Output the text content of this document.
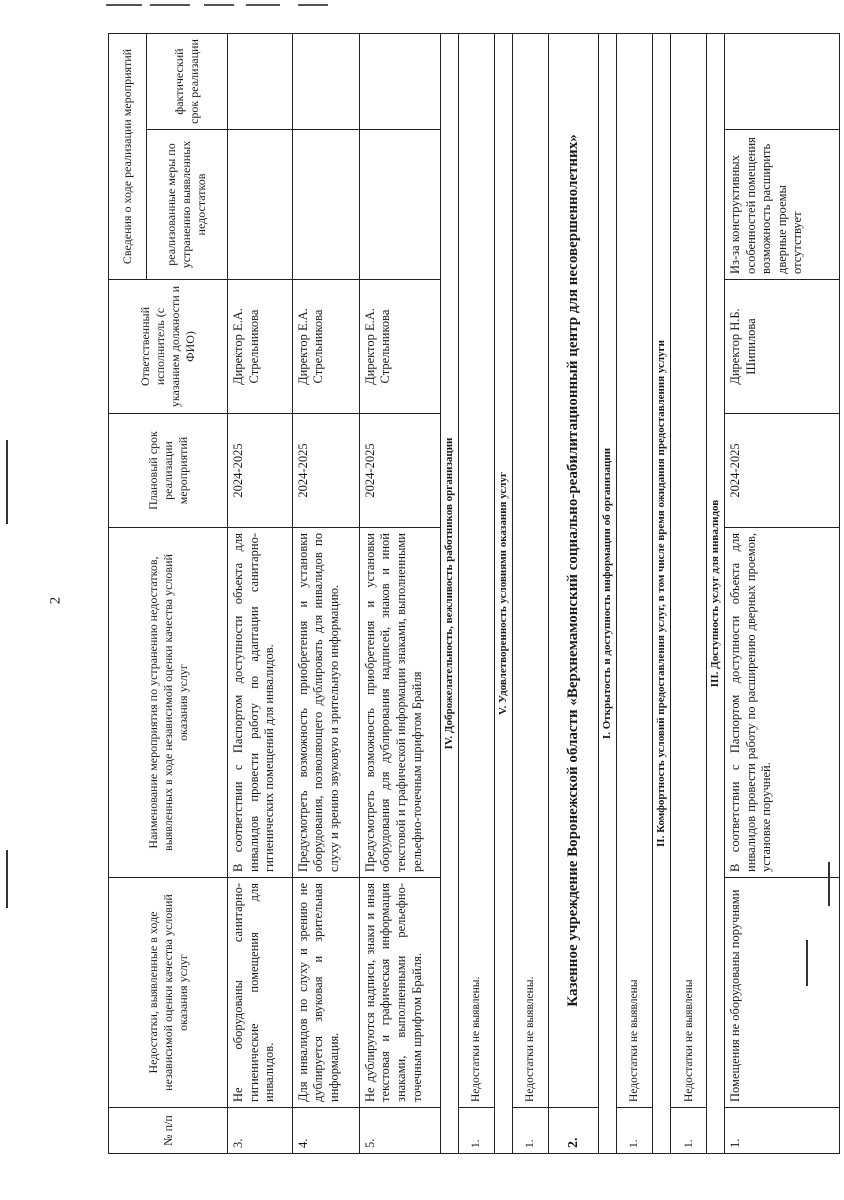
2
№ п/п	Недостатки, выявленные в ходе независимой оценки качества условий оказания услуг	Наименование мероприятия по устранению недостатков, выявленных в ходе независимой оценки качества условий оказания услуг	Плановый срок реализации мероприятий	Ответственный исполнитель (с указанием должности и ФИО)	Сведения о ходе реализации мероприятий	
					реализованные меры по устранению выявленных недостатков	фактический срок реализации
3.	Не оборудованы санитарно-гигиенические помещения для инвалидов.	В соответствии с Паспортом доступности объекта для инвалидов провести работу по адаптации санитарно-гигиенических помещений для инвалидов.	2024-2025	Директор Е.А. Стрельникова		
4.	Для инвалидов по слуху и зрению не дублируется звуковая и зрительная информация.	Предусмотреть возможность приобретения и установки оборудования, позволяющего дублировать для инвалидов по слуху и зрению звуковую и зрительную информацию.	2024-2025	Директор Е.А. Стрельникова		
5.	Не дублируются надписи, знаки и иная текстовая и графическая информация знаками, выполненными рельефно-точечным шрифтом Брайля.	Предусмотреть возможность приобретения и установки оборудования для дублирования надписей, знаков и иной текстовой и графической информации знаками, выполненными рельефно-точечным шрифтом Брайля	2024-2025	Директор Е.А. Стрельникова		
IV. Доброжелательность, вежливость работников организации						
1.	Недостатки не выявлены.					
V. Удовлетворенность условиями оказания услуг						
1.	Недостатки не выявлены.					
2.	Казенное учреждение Воронежской области «Верхнемамонский социально-реабилитационный центр для несовершеннолетних»					
I. Открытость и доступность информации об организации						
1.	Недостатки не выявлены					
II. Комфортность условий предоставления услуг, в том числе время ожидания предоставления услуги						
1.	Недостатки не выявлены					
III. Доступность услуг для инвалидов						
1.	Помещения не оборудованы поручнями	В соответствии с Паспортом доступности объекта для инвалидов провести работу по расширению дверных проемов, установке поручней.	2024-2025	Директор Н.Б. Шипилова	Из-за конструктивных особенностей помещения возможность расширить дверные проемы отсутствует	
